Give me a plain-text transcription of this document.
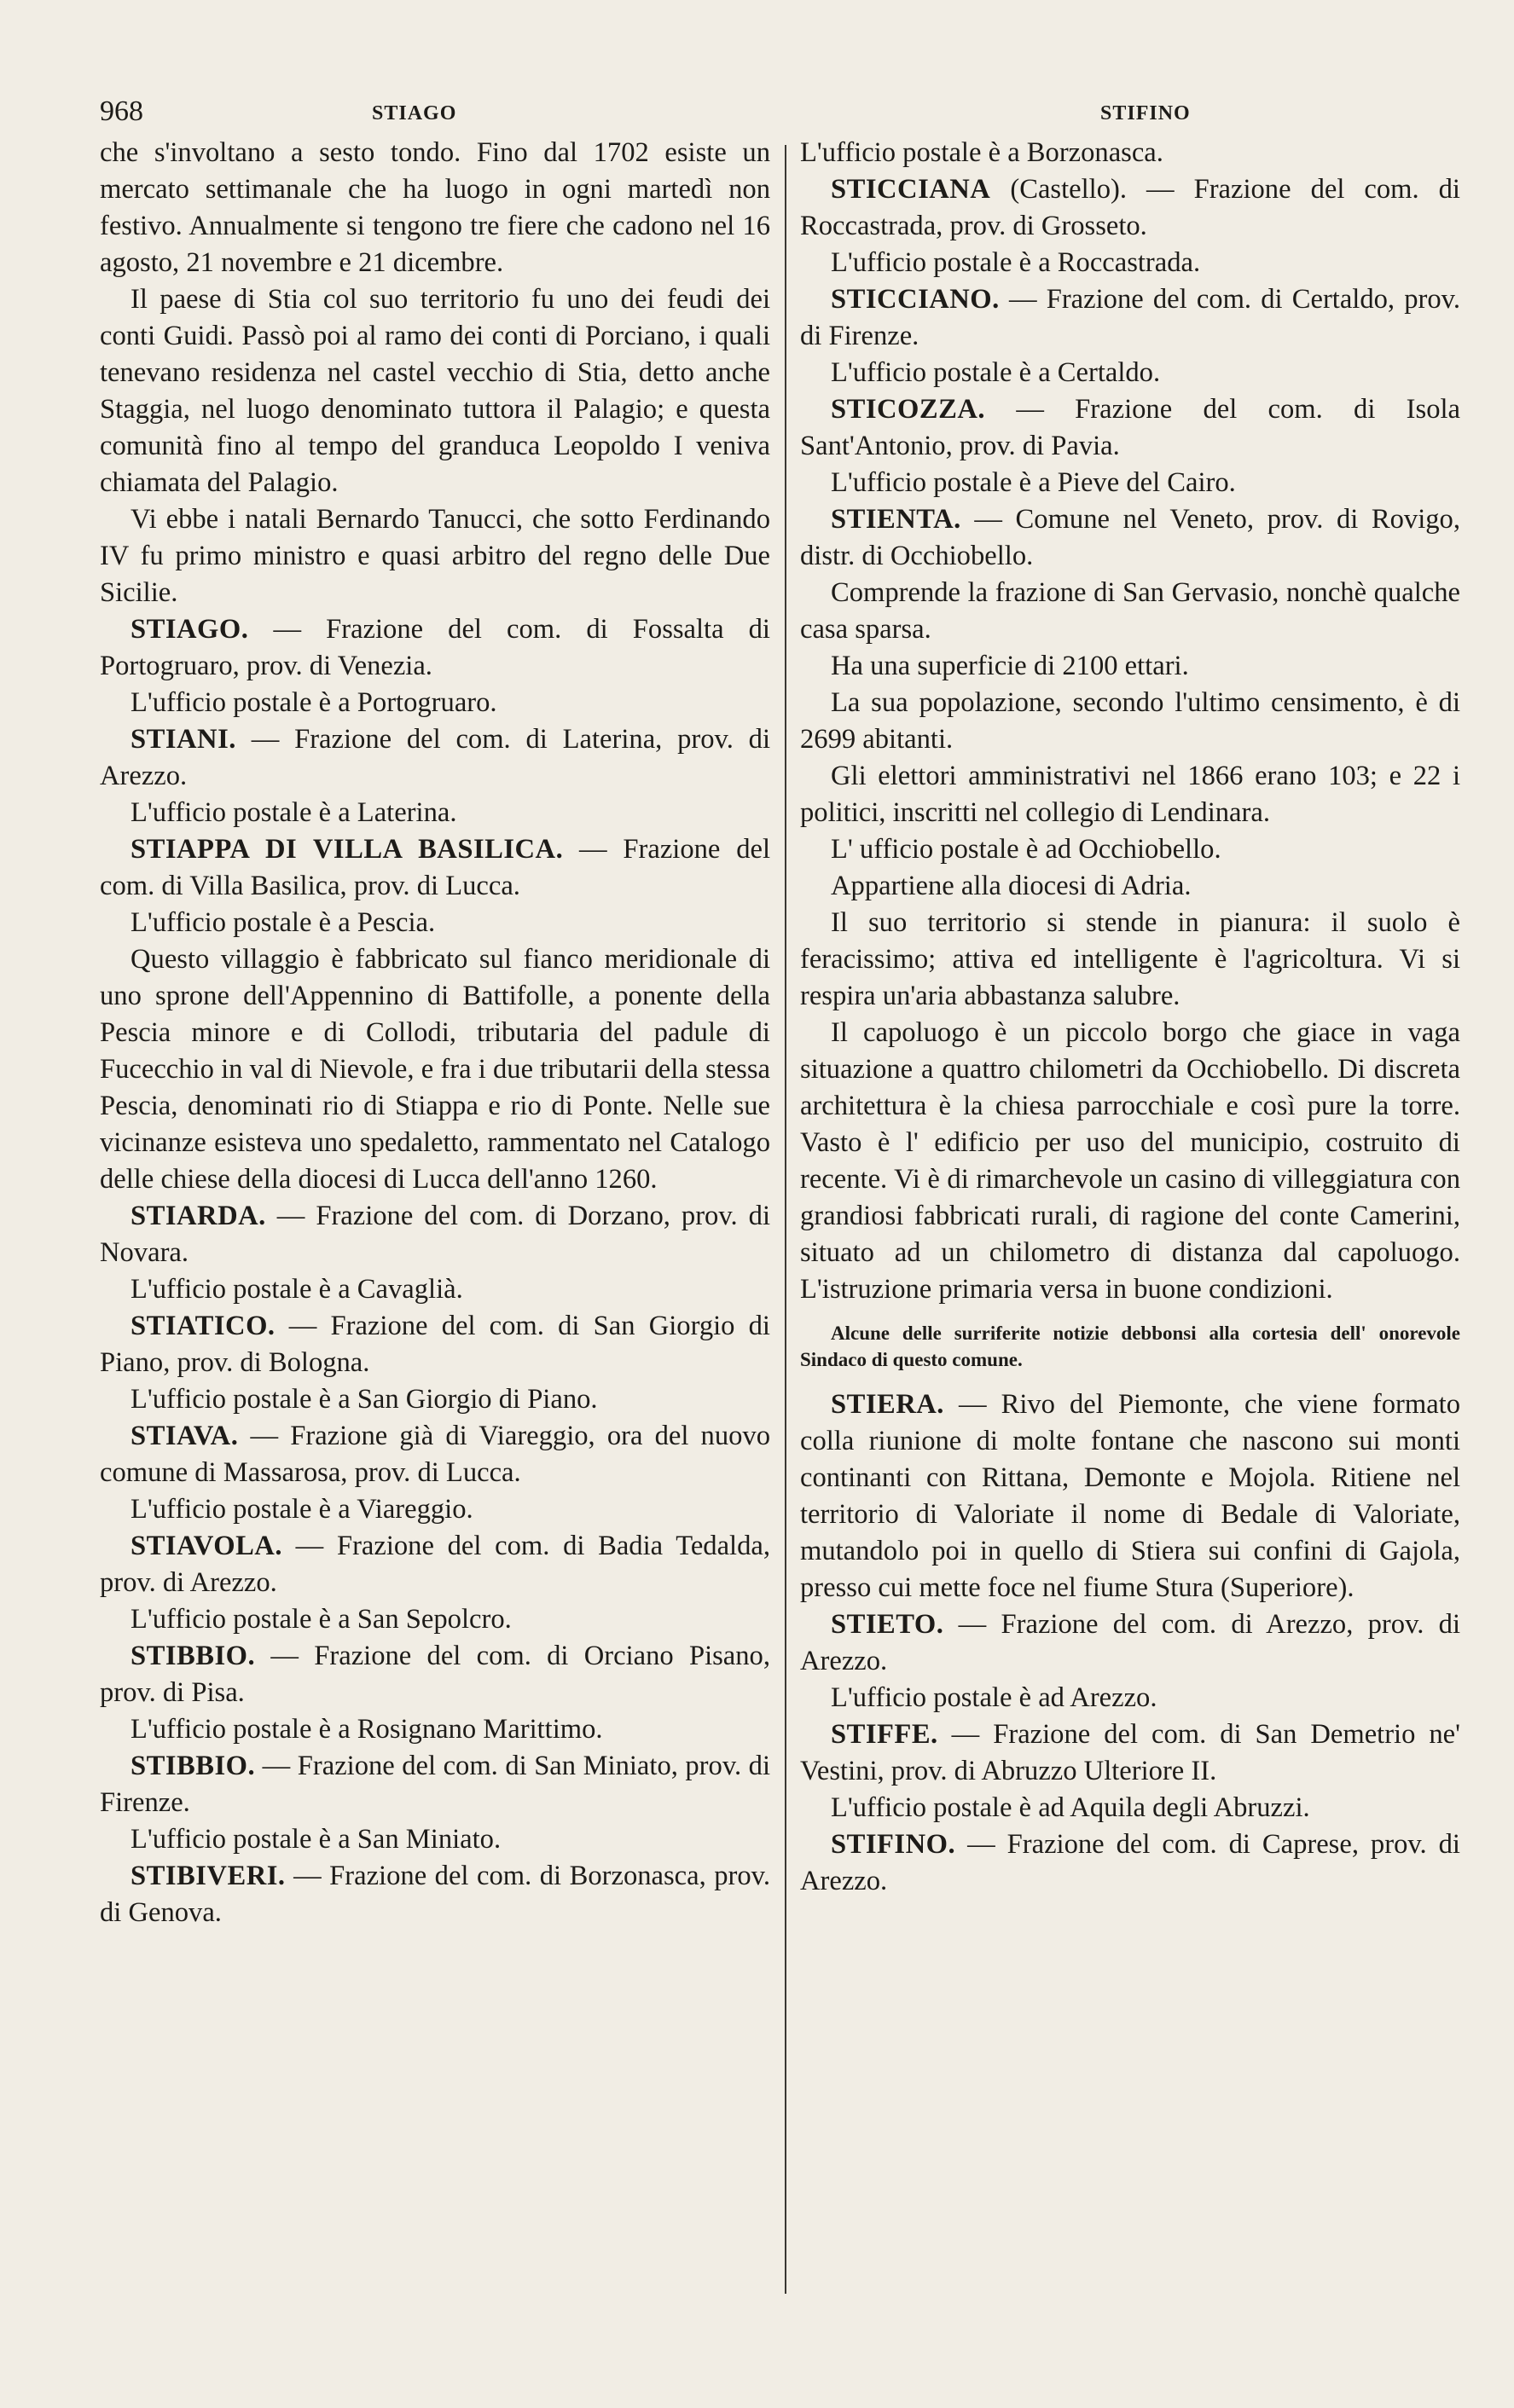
968	STIAGO	STIFINO

che s'involtano a sesto tondo. Fino dal 1702 esiste un mercato settimanale che ha luogo in ogni martedì non festivo. Annualmente si tengono tre fiere che cadono nel 16 agosto, 21 novembre e 21 dicembre.

Il paese di Stia col suo territorio fu uno dei feudi dei conti Guidi. Passò poi al ramo dei conti di Porciano, i quali tenevano residenza nel castel vecchio di Stia, detto anche Staggia, nel luogo denominato tuttora il Palagio; e questa comunità fino al tempo del granduca Leopoldo I veniva chiamata del Palagio.

Vi ebbe i natali Bernardo Tanucci, che sotto Ferdinando IV fu primo ministro e quasi arbitro del regno delle Due Sicilie.

STIAGO. — Frazione del com. di Fossalta di Portogruaro, prov. di Venezia.

L'ufficio postale è a Portogruaro.

STIANI. — Frazione del com. di Laterina, prov. di Arezzo.

L'ufficio postale è a Laterina.

STIAPPA DI VILLA BASILICA. — Frazione del com. di Villa Basilica, prov. di Lucca.

L'ufficio postale è a Pescia.

Questo villaggio è fabbricato sul fianco meridionale di uno sprone dell'Appennino di Battifolle, a ponente della Pescia minore e di Collodi, tributaria del padule di Fucecchio in val di Nievole, e fra i due tributarii della stessa Pescia, denominati rio di Stiappa e rio di Ponte. Nelle sue vicinanze esisteva uno spedaletto, rammentato nel Catalogo delle chiese della diocesi di Lucca dell'anno 1260.

STIARDA. — Frazione del com. di Dorzano, prov. di Novara.

L'ufficio postale è a Cavaglià.

STIATICO. — Frazione del com. di San Giorgio di Piano, prov. di Bologna.

L'ufficio postale è a San Giorgio di Piano.

STIAVA. — Frazione già di Viareggio, ora del nuovo comune di Massarosa, prov. di Lucca.

L'ufficio postale è a Viareggio.

STIAVOLA. — Frazione del com. di Badia Tedalda, prov. di Arezzo.

L'ufficio postale è a San Sepolcro.

STIBBIO. — Frazione del com. di Orciano Pisano, prov. di Pisa.

L'ufficio postale è a Rosignano Marittimo.

STIBBIO. — Frazione del com. di San Miniato, prov. di Firenze.

L'ufficio postale è a San Miniato.

STIBIVERI. — Frazione del com. di Borzonasca, prov. di Genova.

L'ufficio postale è a Borzonasca.

STICCIANA (Castello). — Frazione del com. di Roccastrada, prov. di Grosseto.

L'ufficio postale è a Roccastrada.

STICCIANO. — Frazione del com. di Certaldo, prov. di Firenze.

L'ufficio postale è a Certaldo.

STICOZZA. — Frazione del com. di Isola Sant'Antonio, prov. di Pavia.

L'ufficio postale è a Pieve del Cairo.

STIENTA. — Comune nel Veneto, prov. di Rovigo, distr. di Occhiobello.

Comprende la frazione di San Gervasio, nonchè qualche casa sparsa.

Ha una superficie di 2100 ettari.

La sua popolazione, secondo l'ultimo censimento, è di 2699 abitanti.

Gli elettori amministrativi nel 1866 erano 103; e 22 i politici, inscritti nel collegio di Lendinara.

L' ufficio postale è ad Occhiobello.

Appartiene alla diocesi di Adria.

Il suo territorio si stende in pianura: il suolo è feracissimo; attiva ed intelligente è l'agricoltura. Vi si respira un'aria abbastanza salubre.

Il capoluogo è un piccolo borgo che giace in vaga situazione a quattro chilometri da Occhiobello. Di discreta architettura è la chiesa parrocchiale e così pure la torre. Vasto è l' edificio per uso del municipio, costruito di recente. Vi è di rimarchevole un casino di villeggiatura con grandiosi fabbricati rurali, di ragione del conte Camerini, situato ad un chilometro di distanza dal capoluogo. L'istruzione primaria versa in buone condizioni.

Alcune delle surriferite notizie debbonsi alla cortesia dell' onorevole Sindaco di questo comune.

STIERA. — Rivo del Piemonte, che viene formato colla riunione di molte fontane che nascono sui monti continanti con Rittana, Demonte e Mojola. Ritiene nel territorio di Valoriate il nome di Bedale di Valoriate, mutandolo poi in quello di Stiera sui confini di Gajola, presso cui mette foce nel fiume Stura (Superiore).

STIETO. — Frazione del com. di Arezzo, prov. di Arezzo.

L'ufficio postale è ad Arezzo.

STIFFE. — Frazione del com. di San Demetrio ne' Vestini, prov. di Abruzzo Ulteriore II.

L'ufficio postale è ad Aquila degli Abruzzi.

STIFINO. — Frazione del com. di Caprese, prov. di Arezzo.
